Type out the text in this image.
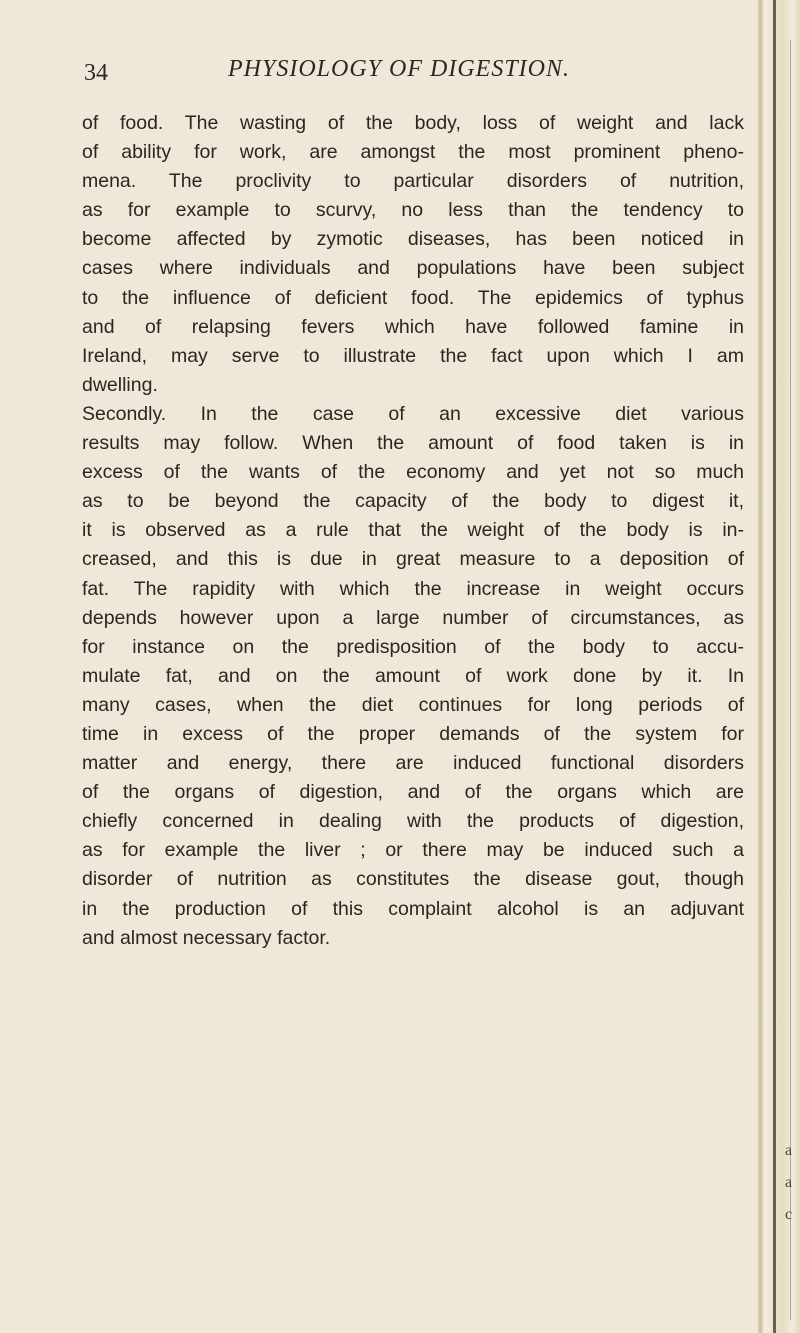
34	PHYSIOLOGY OF DIGESTION.
of food. The wasting of the body, loss of weight and lack
of ability for work, are amongst the most prominent pheno-
mena. The proclivity to particular disorders of nutrition,
as for example to scurvy, no less than the tendency to
become affected by zymotic diseases, has been noticed in
cases where individuals and populations have been subject
to the influence of deficient food. The epidemics of typhus
and of relapsing fevers which have followed famine in
Ireland, may serve to illustrate the fact upon which I am
dwelling.
Secondly. In the case of an excessive diet various
results may follow. When the amount of food taken is in
excess of the wants of the economy and yet not so much
as to be beyond the capacity of the body to digest it,
it is observed as a rule that the weight of the body is in-
creased, and this is due in great measure to a deposition of
fat. The rapidity with which the increase in weight occurs
depends however upon a large number of circumstances, as
for instance on the predisposition of the body to accu-
mulate fat, and on the amount of work done by it. In
many cases, when the diet continues for long periods of
time in excess of the proper demands of the system for
matter and energy, there are induced functional disorders
of the organs of digestion, and of the organs which are
chiefly concerned in dealing with the products of digestion,
as for example the liver ; or there may be induced such a
disorder of nutrition as constitutes the disease gout, though
in the production of this complaint alcohol is an adjuvant
and almost necessary factor.
a
a
c
